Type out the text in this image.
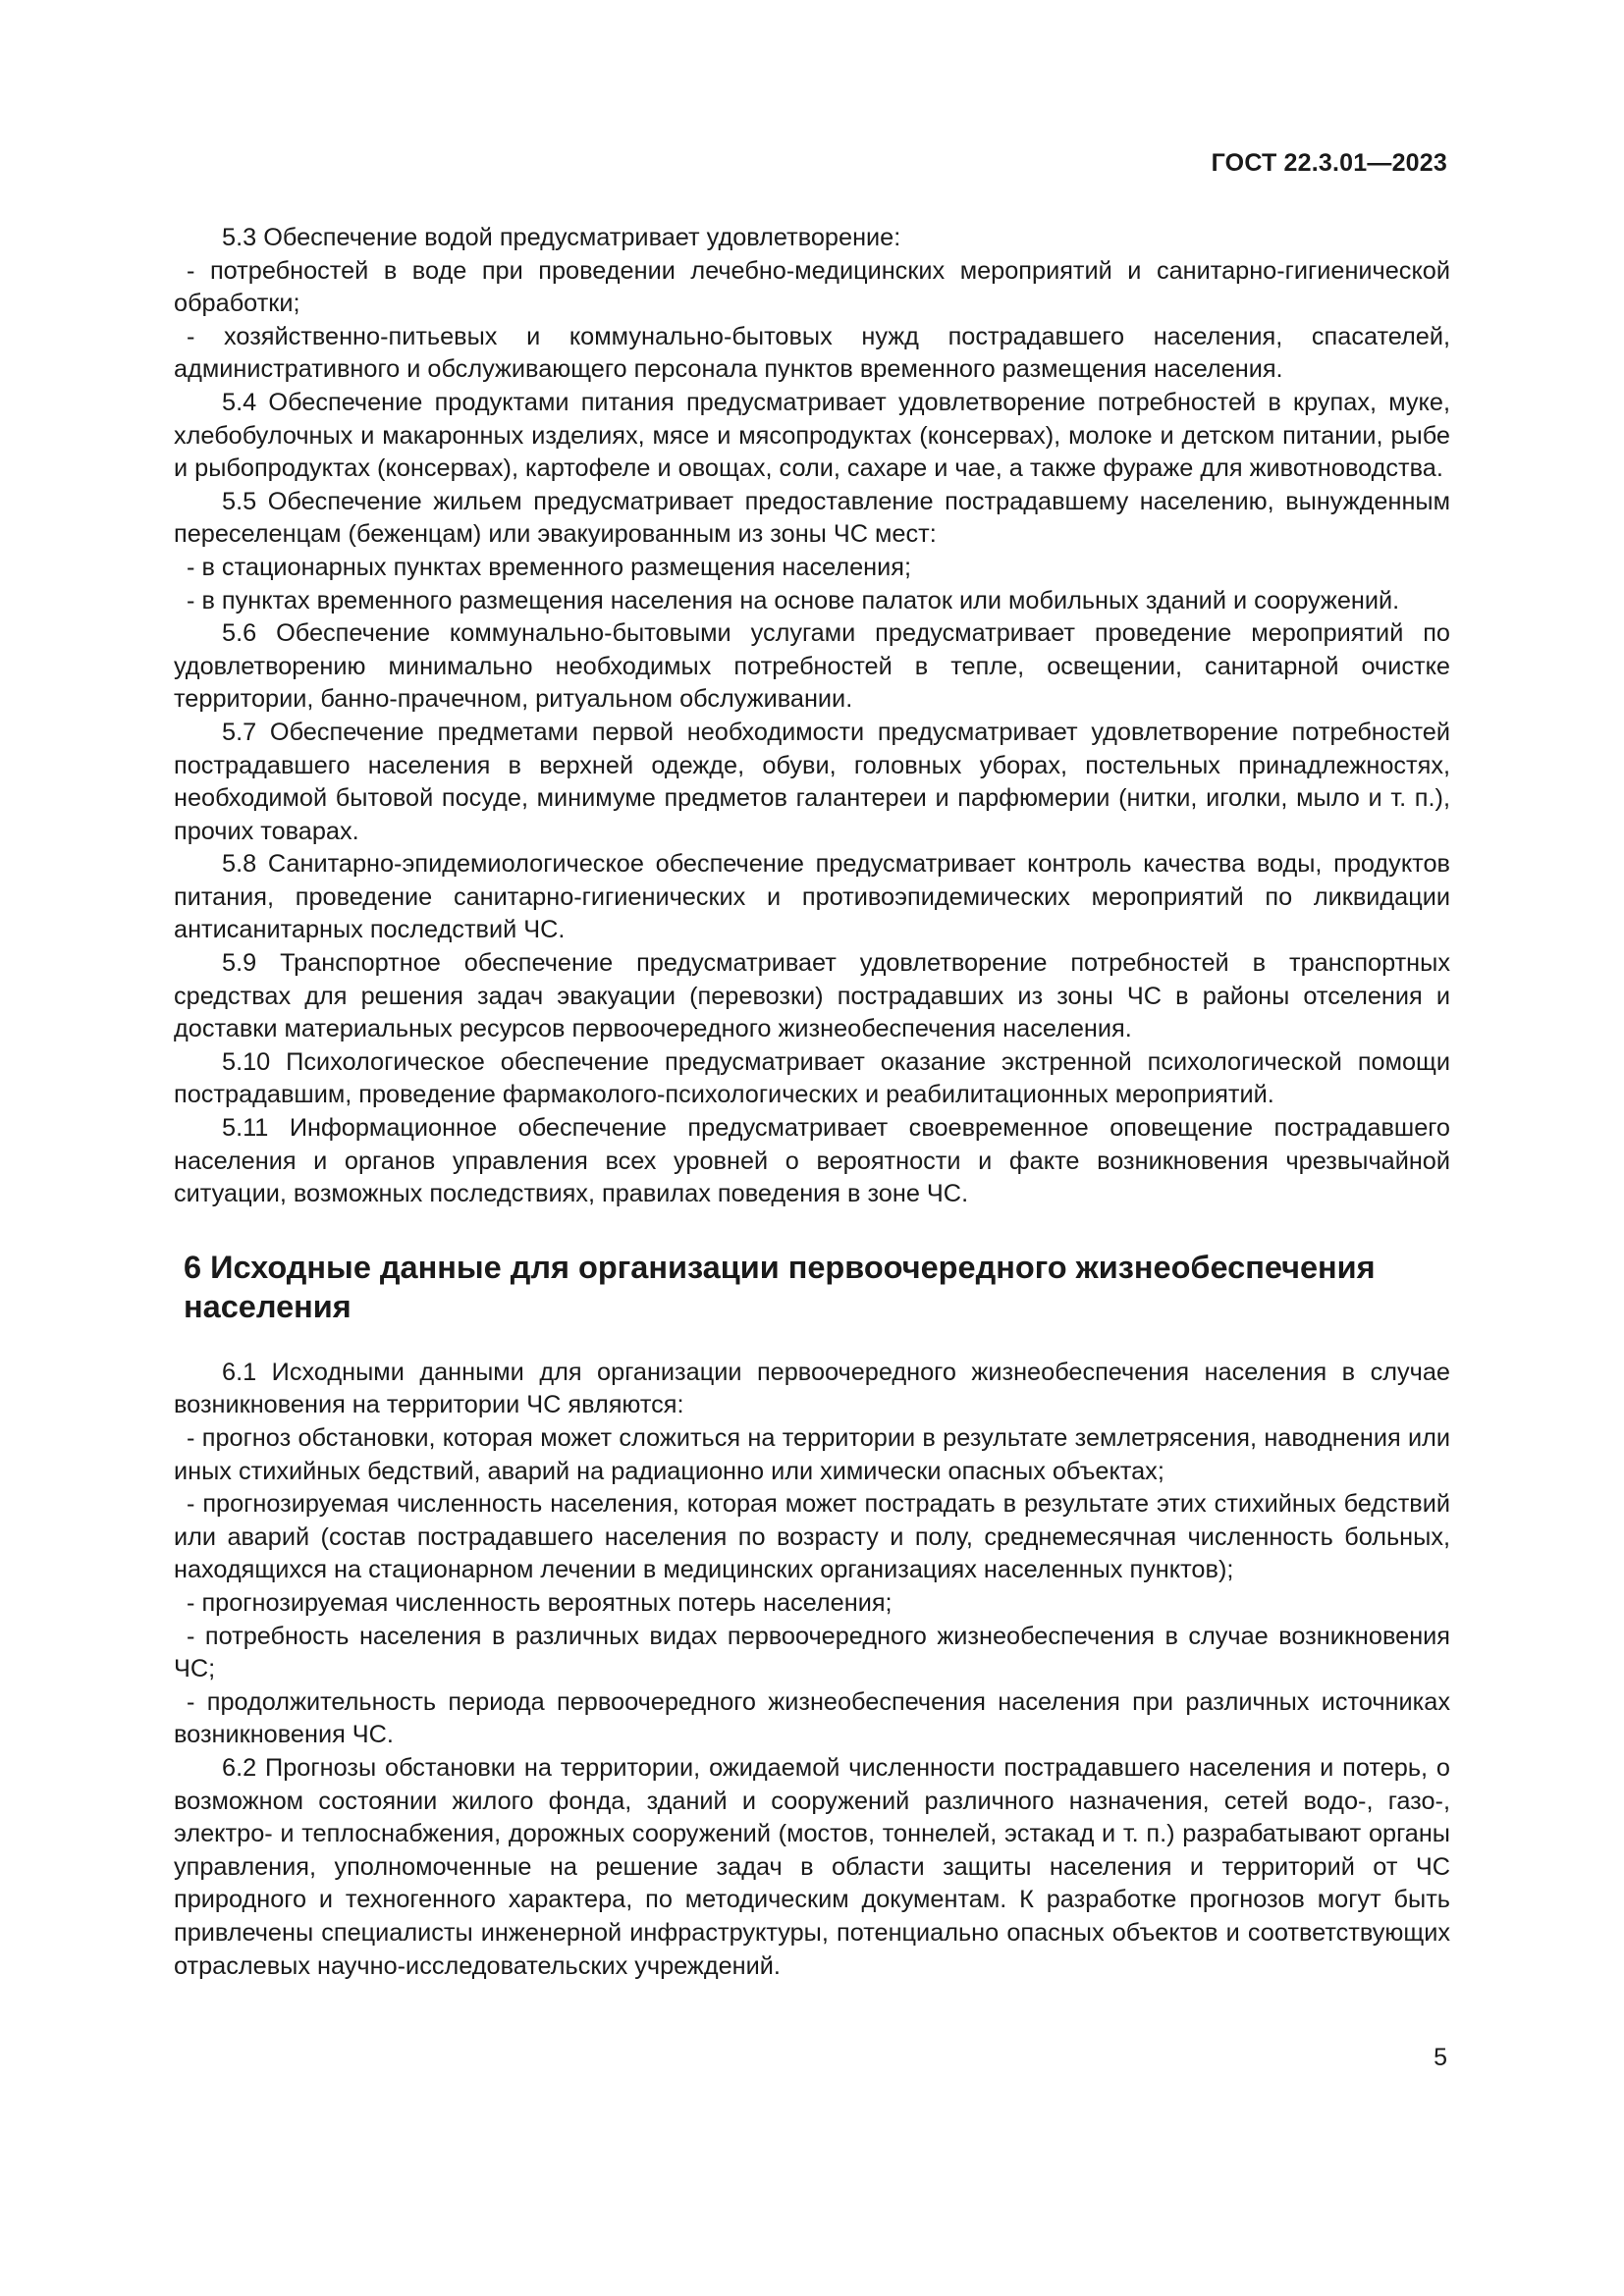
ГОСТ 22.3.01—2023

5.3 Обеспечение водой предусматривает удовлетворение:

- потребностей в воде при проведении лечебно-медицинских мероприятий и санитарно-гигиенической обработки;

- хозяйственно-питьевых и коммунально-бытовых нужд пострадавшего населения, спасателей, административного и обслуживающего персонала пунктов временного размещения населения.

5.4 Обеспечение продуктами питания предусматривает удовлетворение потребностей в крупах, муке, хлебобулочных и макаронных изделиях, мясе и мясопродуктах (консервах), молоке и детском питании, рыбе и рыбопродуктах (консервах), картофеле и овощах, соли, сахаре и чае, а также фураже для животноводства.

5.5 Обеспечение жильем предусматривает предоставление пострадавшему населению, вынужденным переселенцам (беженцам) или эвакуированным из зоны ЧС мест:

- в стационарных пунктах временного размещения населения;

- в пунктах временного размещения населения на основе палаток или мобильных зданий и сооружений.

5.6 Обеспечение коммунально-бытовыми услугами предусматривает проведение мероприятий по удовлетворению минимально необходимых потребностей в тепле, освещении, санитарной очистке территории, банно-прачечном, ритуальном обслуживании.

5.7 Обеспечение предметами первой необходимости предусматривает удовлетворение потребностей пострадавшего населения в верхней одежде, обуви, головных уборах, постельных принадлежностях, необходимой бытовой посуде, минимуме предметов галантереи и парфюмерии (нитки, иголки, мыло и т. п.), прочих товарах.

5.8 Санитарно-эпидемиологическое обеспечение предусматривает контроль качества воды, продуктов питания, проведение санитарно-гигиенических и противоэпидемических мероприятий по ликвидации антисанитарных последствий ЧС.

5.9 Транспортное обеспечение предусматривает удовлетворение потребностей в транспортных средствах для решения задач эвакуации (перевозки) пострадавших из зоны ЧС в районы отселения и доставки материальных ресурсов первоочередного жизнеобеспечения населения.

5.10 Психологическое обеспечение предусматривает оказание экстренной психологической помощи пострадавшим, проведение фармаколого-психологических и реабилитационных мероприятий.

5.11 Информационное обеспечение предусматривает своевременное оповещение пострадавшего населения и органов управления всех уровней о вероятности и факте возникновения чрезвычайной ситуации, возможных последствиях, правилах поведения в зоне ЧС.

6 Исходные данные для организации первоочередного жизнеобеспечения населения

6.1 Исходными данными для организации первоочередного жизнеобеспечения населения в случае возникновения на территории ЧС являются:

- прогноз обстановки, которая может сложиться на территории в результате землетрясения, наводнения или иных стихийных бедствий, аварий на радиационно или химически опасных объектах;

- прогнозируемая численность населения, которая может пострадать в результате этих стихийных бедствий или аварий (состав пострадавшего населения по возрасту и полу, среднемесячная численность больных, находящихся на стационарном лечении в медицинских организациях населенных пунктов);

- прогнозируемая численность вероятных потерь населения;

- потребность населения в различных видах первоочередного жизнеобеспечения в случае возникновения ЧС;

- продолжительность периода первоочередного жизнеобеспечения населения при различных источниках возникновения ЧС.

6.2 Прогнозы обстановки на территории, ожидаемой численности пострадавшего населения и потерь, о возможном состоянии жилого фонда, зданий и сооружений различного назначения, сетей водо-, газо-, электро- и теплоснабжения, дорожных сооружений (мостов, тоннелей, эстакад и т. п.) разрабатывают органы управления, уполномоченные на решение задач в области защиты населения и территорий от ЧС природного и техногенного характера, по методическим документам. К разработке прогнозов могут быть привлечены специалисты инженерной инфраструктуры, потенциально опасных объектов и соответствующих отраслевых научно-исследовательских учреждений.

5
